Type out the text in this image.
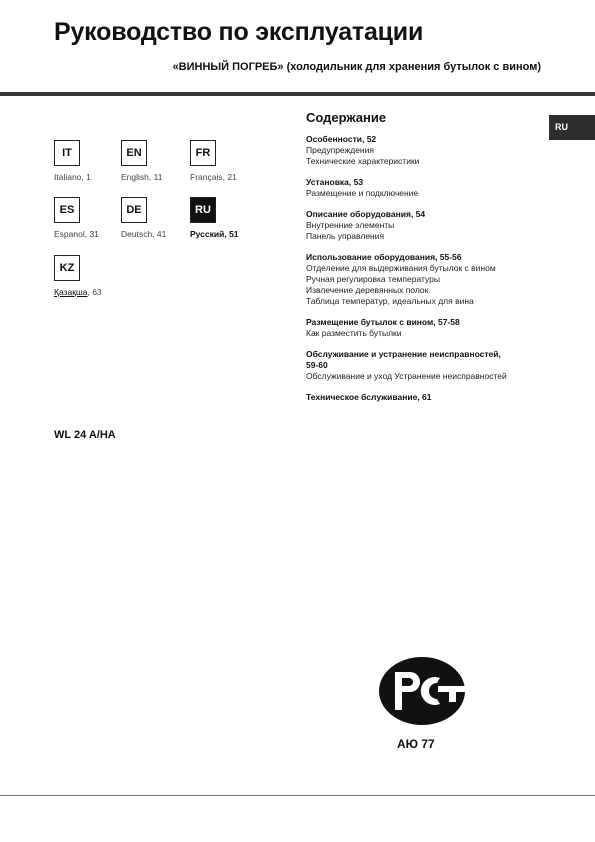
Руководство по эксплуатации
«ВИННЫЙ ПОГРЕБ» (холодильник для хранения бутылок с вином)
RU
IT
Italiano, 1
EN
English, 11
FR
Français, 21
ES
Espanol, 31
DE
Deutsch, 41
RU
Русский, 51
KZ
Қазақша, 63
WL 24 A/HA
Содержание
Особенности, 52
Предупреждения
Технические характеристики
Установка, 53
Размещение и подключение
Описание оборудования, 54
Внутренние элементы
Панель управления
Использование оборудования, 55-56
Отделение для выдерживания бутылок с вином
Ручная регулировка температуры
Извлечение деревянных полок
Таблица температур, идеальных для вина
Размещение бутылок с вином, 57-58
Как разместить бутылки
Обслуживание и устранение неисправностей,
59-60
Обслуживание и уход Устранение неисправностей
Техническое бслуживание, 61
АЮ 77
